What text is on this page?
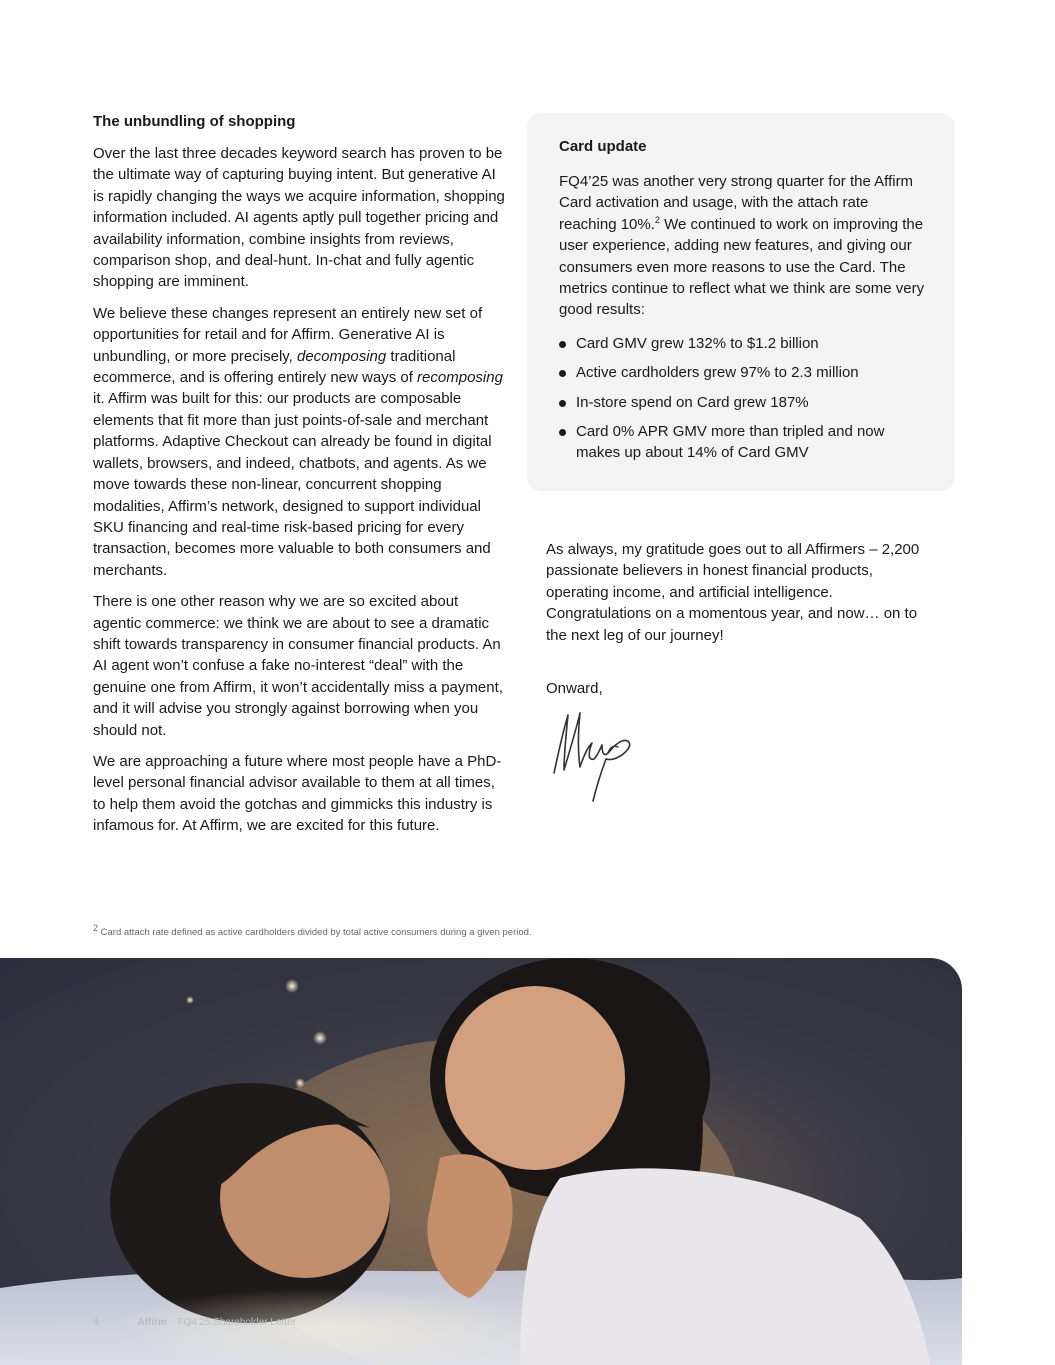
The unbundling of shopping

Over the last three decades keyword search has proven to be the ultimate way of capturing buying intent. But generative AI is rapidly changing the ways we acquire information, shopping information included. AI agents aptly pull together pricing and availability information, combine insights from reviews, comparison shop, and deal-hunt. In-chat and fully agentic shopping are imminent.

We believe these changes represent an entirely new set of opportunities for retail and for Affirm. Generative AI is unbundling, or more precisely, decomposing traditional ecommerce, and is offering entirely new ways of recomposing it. Affirm was built for this: our products are composable elements that fit more than just points-of-sale and merchant platforms. Adaptive Checkout can already be found in digital wallets, browsers, and indeed, chatbots, and agents. As we move towards these non-linear, concurrent shopping modalities, Affirm’s network, designed to support individual SKU financing and real-time risk-based pricing for every transaction, becomes more valuable to both consumers and merchants.

There is one other reason why we are so excited about agentic commerce: we think we are about to see a dramatic shift towards transparency in consumer financial products. An AI agent won’t confuse a fake no-interest “deal” with the genuine one from Affirm, it won’t accidentally miss a payment, and it will advise you strongly against borrowing when you should not.

We are approaching a future where most people have a PhD-level personal financial advisor available to them at all times, to help them avoid the gotchas and gimmicks this industry is infamous for. At Affirm, we are excited for this future.

Card update

FQ4’25 was another very strong quarter for the Affirm Card activation and usage, with the attach rate reaching 10%.$^2$ We continued to work on improving the user experience, adding new features, and giving our consumers even more reasons to use the Card. The metrics continue to reflect what we think are some very good results:

Card GMV grew 132% to $1.2 billion
Active cardholders grew 97% to 2.3 million
In-store spend on Card grew 187%
Card 0% APR GMV more than tripled and now makes up about 14% of Card GMV

As always, my gratitude goes out to all Affirmers – 2,200 passionate believers in honest financial products, operating income, and artificial intelligence. Congratulations on a momentous year, and now… on to the next leg of our journey!

Onward,

$^2$ Card attach rate defined as active cardholders divided by total active consumers during a given period.

4	Affirm FQ4’25 Shareholder Letter
